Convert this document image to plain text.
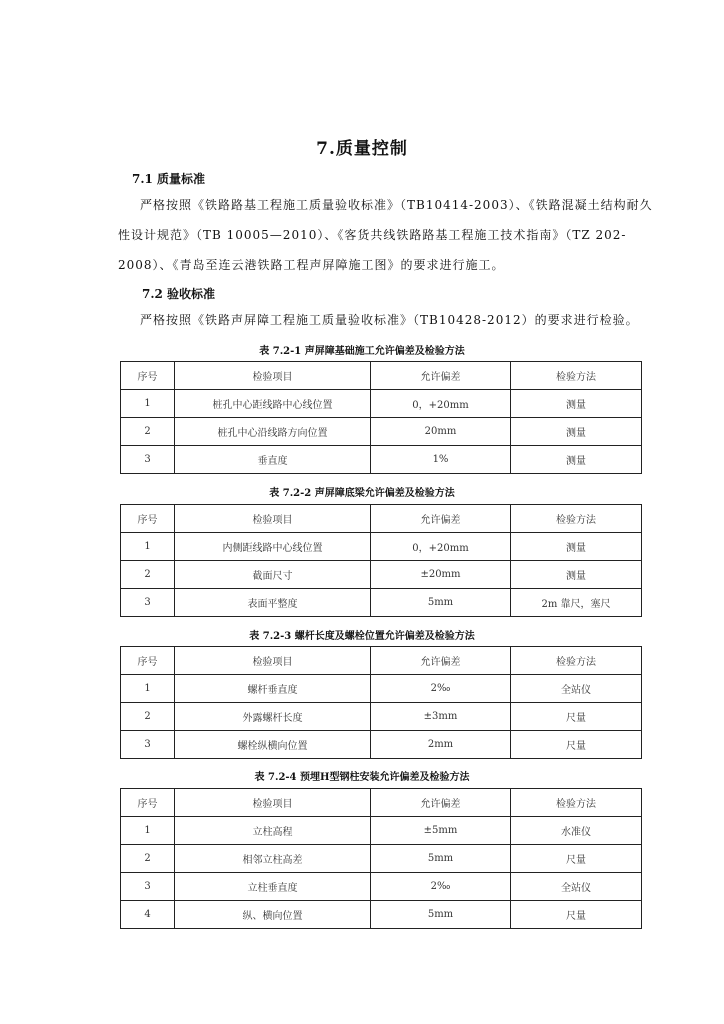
7.质量控制
7.1 质量标准
严格按照《铁路路基工程施工质量验收标准》（TB10414-2003）、《铁路混凝土结构耐久性设计规范》（TB 10005—2010）、《客货共线铁路路基工程施工技术指南》（TZ 202-2008）、《青岛至连云港铁路工程声屏障施工图》的要求进行施工。
7.2 验收标准
严格按照《铁路声屏障工程施工质量验收标准》（TB10428-2012）的要求进行检验。
表 7.2-1 声屏障基础施工允许偏差及检验方法
序号	检验项目	允许偏差	检验方法
1	桩孔中心距线路中心线位置	0，+20mm	测量
2	桩孔中心沿线路方向位置	20mm	测量
3	垂直度	1%	测量
表 7.2-2 声屏障底梁允许偏差及检验方法
序号	检验项目	允许偏差	检验方法
1	内侧距线路中心线位置	0，+20mm	测量
2	截面尺寸	±20mm	测量
3	表面平整度	5mm	2m 靠尺，塞尺
表 7.2-3 螺杆长度及螺栓位置允许偏差及检验方法
序号	检验项目	允许偏差	检验方法
1	螺杆垂直度	2‰	全站仪
2	外露螺杆长度	±3mm	尺量
3	螺栓纵横向位置	2mm	尺量
表 7.2-4 预埋H型钢柱安装允许偏差及检验方法
序号	检验项目	允许偏差	检验方法
1	立柱高程	±5mm	水准仪
2	相邻立柱高差	5mm	尺量
3	立柱垂直度	2‰	全站仪
4	纵、横向位置	5mm	尺量
